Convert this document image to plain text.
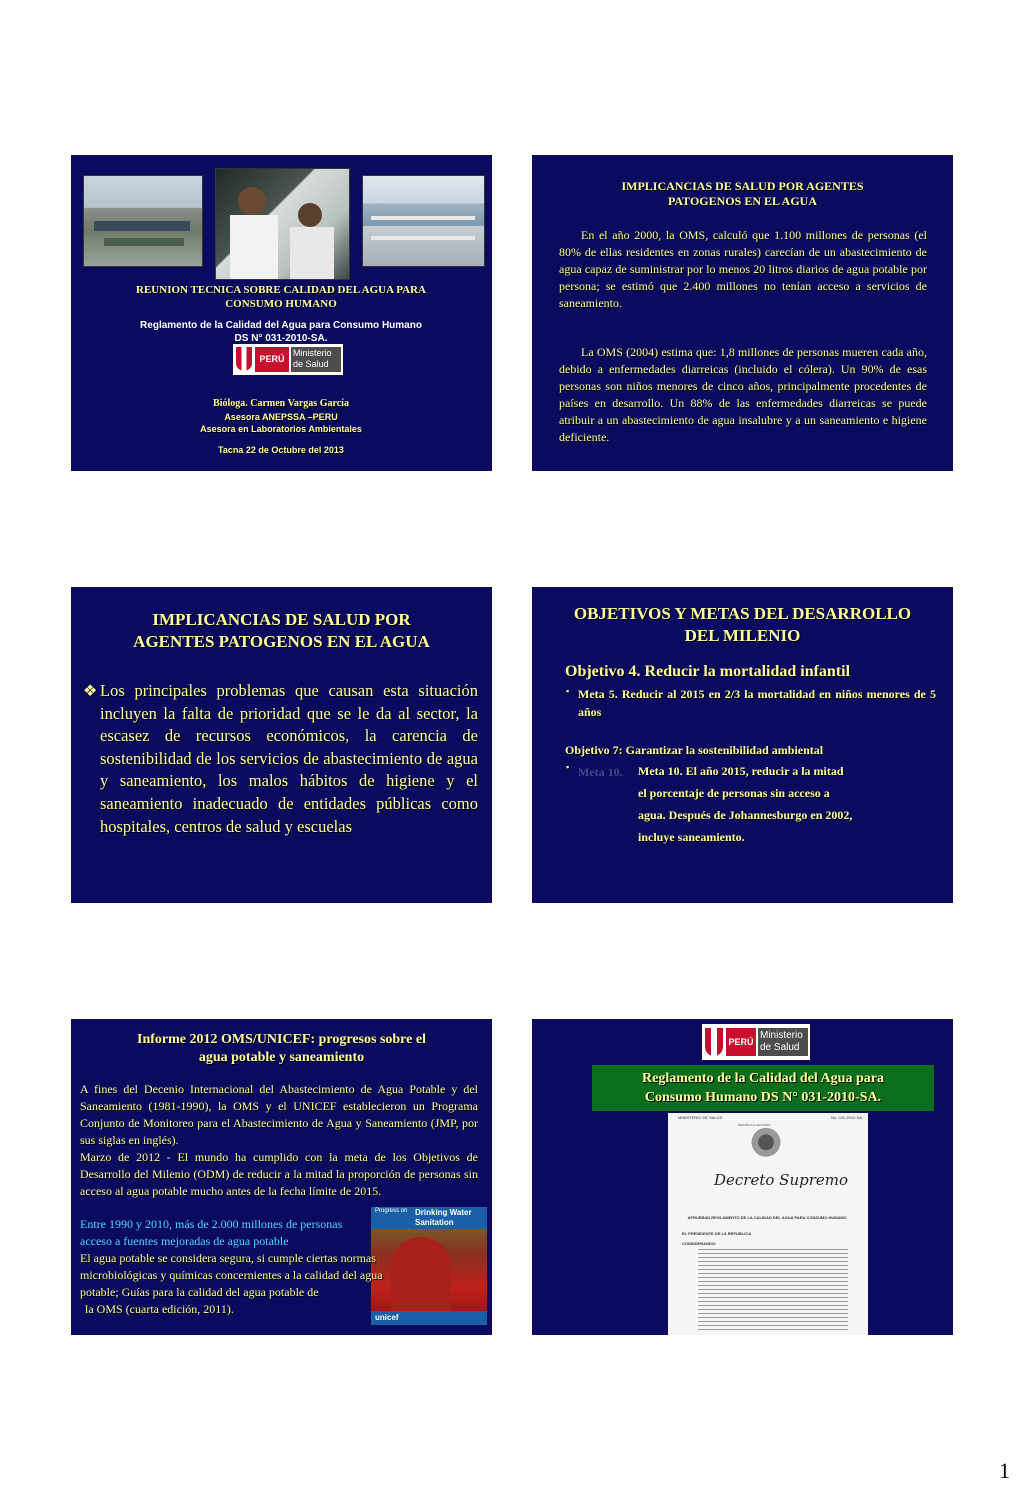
REUNION TECNICA SOBRE CALIDAD DEL AGUA PARA

CONSUMO HUMANO

Reglamento de la Calidad del Agua para Consumo Humano

DS N° 031-2010-SA.

PERÚ

Ministerio

de Salud

Bióloga. Carmen Vargas García

Asesora ANEPSSA –PERU

Asesora en Laboratorios Ambientales

Tacna 22 de Octubre del 2013

IMPLICANCIAS DE SALUD POR AGENTES

PATOGENOS EN EL AGUA

En el año 2000, la OMS, calculó que 1.100 millones de personas (el 80% de ellas residentes en zonas rurales) carecían de un abastecimiento de agua capaz de suministrar por lo menos 20 litros diarios de agua potable por persona; se estimó que 2.400 millones no tenían acceso a servicios de saneamiento.

La OMS (2004) estima que: 1,8 millones de personas mueren cada año, debido a enfermedades diarreicas (incluido el cólera). Un 90% de esas personas son niños menores de cinco años, principalmente procedentes de países en desarrollo. Un 88% de las enfermedades diarreicas se puede atribuir a un abastecimiento de agua insalubre y a un saneamiento e higiene deficiente.

IMPLICANCIAS DE SALUD POR

AGENTES PATOGENOS EN EL AGUA

❖ Los principales problemas que causan esta situación incluyen la falta de prioridad que se le da al sector, la escasez de recursos económicos, la carencia de sostenibilidad de los servicios de abastecimiento de agua y saneamiento, los malos hábitos de higiene y el saneamiento inadecuado de entidades públicas como hospitales, centros de salud y escuelas

OBJETIVOS Y METAS DEL DESARROLLO

DEL MILENIO

Objetivo 4. Reducir la mortalidad infantil

▪ Meta 5. Reducir al 2015 en 2/3 la mortalidad en niños menores de 5 años

Objetivo 7: Garantizar la sostenibilidad ambiental

▪ Meta 10. Meta 10. El año 2015, reducir a la mitad

el porcentaje de personas sin acceso a

agua. Después de Johannesburgo en 2002,

incluye saneamiento.

Informe 2012 OMS/UNICEF: progresos sobre el

agua potable y saneamiento

Progress on Drinking Water
Sanitation
unicef

A fines del Decenio Internacional del Abastecimiento de Agua Potable y del Saneamiento (1981-1990), la OMS y el UNICEF establecieron un Programa Conjunto de Monitoreo para el Abastecimiento de Agua y Saneamiento (JMP, por sus siglas en inglés).

Marzo de 2012 - El mundo ha cumplido con la meta de los Objetivos de Desarrollo del Milenio (ODM) de reducir a la mitad la proporción de personas sin acceso al agua potable mucho antes de la fecha límite de 2015.

Entre 1990 y 2010, más de 2.000 millones de personas

acceso a fuentes mejoradas de agua potable

El agua potable se considera segura, si cumple ciertas normas

microbiológicas y químicas concernientes a la calidad del agua

potable; Guías para la calidad del agua potable de

la OMS (cuarta edición, 2011).

PERÚ

Ministerio

de Salud

Reglamento de la Calidad del Agua para

Consumo Humano DS N° 031-2010-SA.

MINISTERIO DE SALUD	No. 031-2010-SA
REPÚBLICA DEL PERÚ
Decreto Supremo
APRUEBAN REGLAMENTO DE LA CALIDAD DEL AGUA PARA CONSUMO HUMANO
EL PRESIDENTE DE LA REPÚBLICA
CONSIDERANDO:
1
